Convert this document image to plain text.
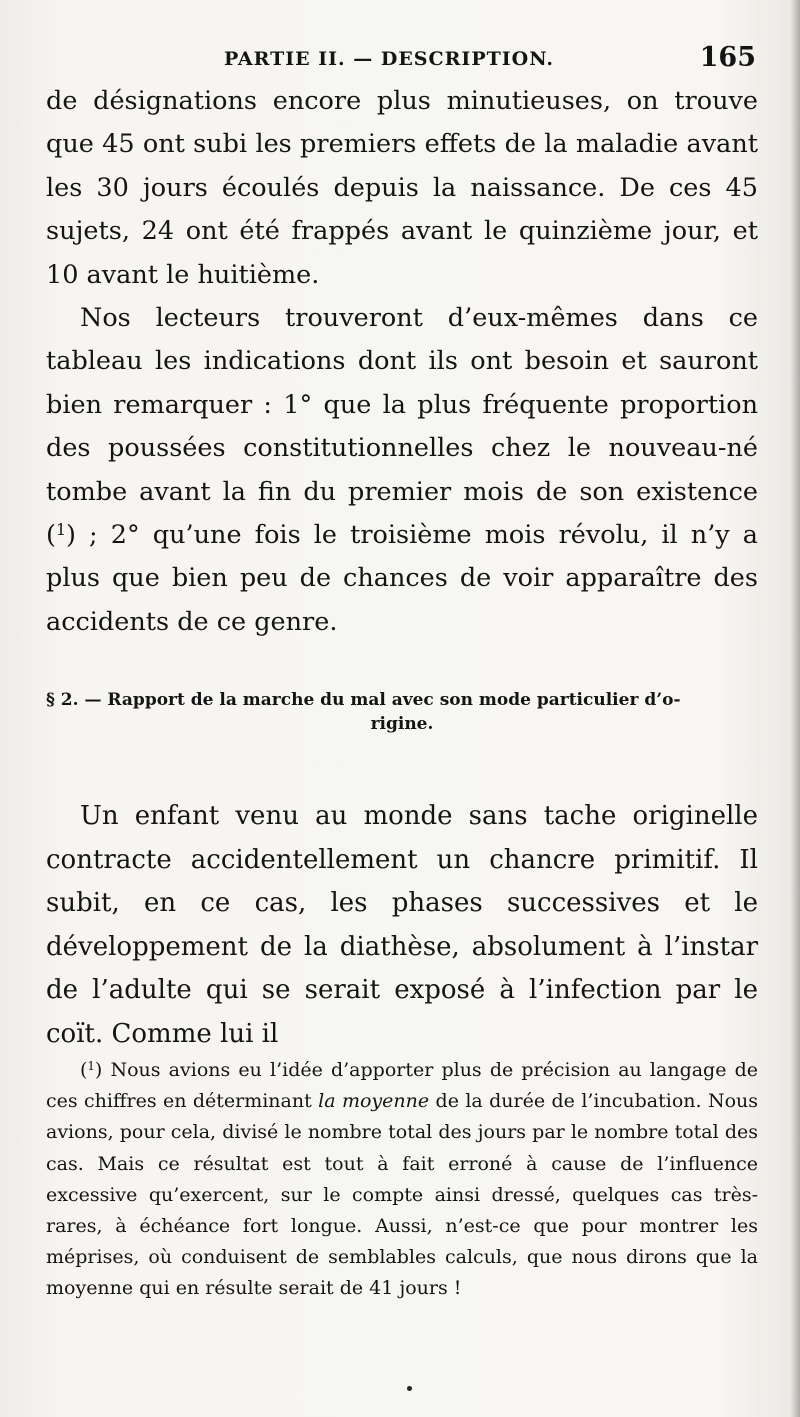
PARTIE II. — DESCRIPTION.	165

de désignations encore plus minutieuses, on trouve que 45 ont subi les premiers effets de la maladie avant les 30 jours écoulés depuis la naissance. De ces 45 sujets, 24 ont été frappés avant le quinzième jour, et 10 avant le huitième.

Nos lecteurs trouveront d’eux-mêmes dans ce tableau les indications dont ils ont besoin et sauront bien remarquer : 1° que la plus fréquente proportion des poussées constitutionnelles chez le nouveau-né tombe avant la fin du premier mois de son existence ($^1$) ; 2° qu’une fois le troisième mois révolu, il n’y a plus que bien peu de chances de voir apparaître des accidents de ce genre.

§ 2. — Rapport de la marche du mal avec son mode particulier d’o-
rigine.

Un enfant venu au monde sans tache originelle contracte accidentellement un chancre primitif. Il subit, en ce cas, les phases successives et le développement de la diathèse, absolument à l’instar de l’adulte qui se serait exposé à l’infection par le coït. Comme lui il

($^1$) Nous avions eu l’idée d’apporter plus de précision au langage de ces chiffres en déterminant la moyenne de la durée de l’incubation. Nous avions, pour cela, divisé le nombre total des jours par le nombre total des cas. Mais ce résultat est tout à fait erroné à cause de l’influence excessive qu’exercent, sur le compte ainsi dressé, quelques cas très-rares, à échéance fort longue. Aussi, n’est-ce que pour montrer les méprises, où conduisent de semblables calculs, que nous dirons que la moyenne qui en résulte serait de 41 jours !
